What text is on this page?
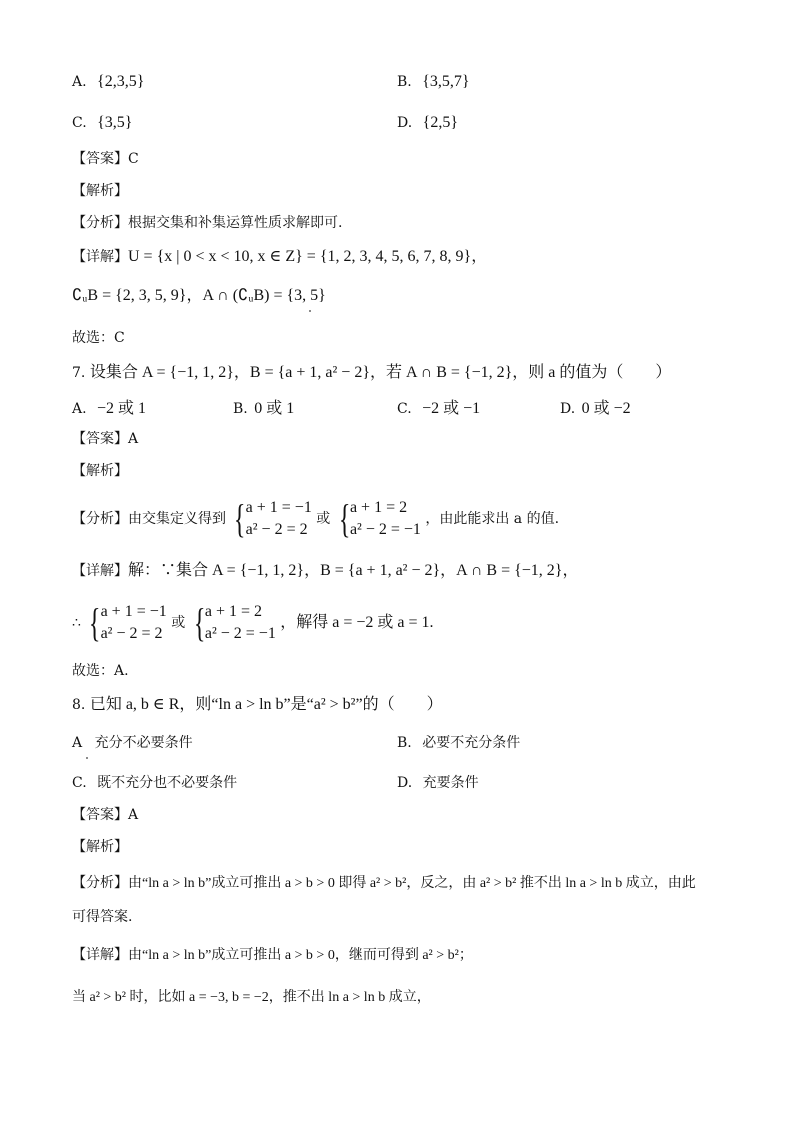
A. {2,3,5}	B. {3,5,7}
C. {3,5}	D. {2,5}
【答案】C
【解析】
【分析】根据交集和补集运算性质求解即可.
【详解】U = {x | 0 < x < 10, x ∈ Z} = {1, 2, 3, 4, 5, 6, 7, 8, 9}，
∁ᵤB = {2, 3, 5, 9}，A ∩ (∁ᵤB) = {3, 5}
故选：C
7. 设集合 A = {−1, 1, 2}，B = {a + 1, a² − 2}，若 A ∩ B = {−1, 2}，则 a 的值为（　　）
A. −2 或 1	B. 0 或 1	C. −2 或 −1	D. 0 或 −2
【答案】A
【解析】
【分析】由交集定义得到 { a + 1 = −1
a² − 2 = 2
或 { a + 1 = 2
a² − 2 = −1
，由此能求出 a 的值.
【详解】解：∵集合 A = {−1, 1, 2}，B = {a + 1, a² − 2}，A ∩ B = {−1, 2}，
∴ { a + 1 = −1
a² − 2 = 2
或 { a + 1 = 2
a² − 2 = −1
，解得 a = −2 或 a = 1.
故选：A.
8. 已知 a, b ∈ R，则“ln a > ln b”是“a² > b²”的（　　）
A 充分不必要条件	B. 必要不充分条件
C. 既不充分也不必要条件	D. 充要条件
【答案】A
【解析】
【分析】由“ln a > ln b”成立可推出 a > b > 0 即得 a² > b²，反之，由 a² > b² 推不出 ln a > ln b 成立，由此
可得答案.
【详解】由“ln a > ln b”成立可推出 a > b > 0，继而可得到 a² > b²；
当 a² > b² 时，比如 a = −3, b = −2，推不出 ln a > ln b 成立，
